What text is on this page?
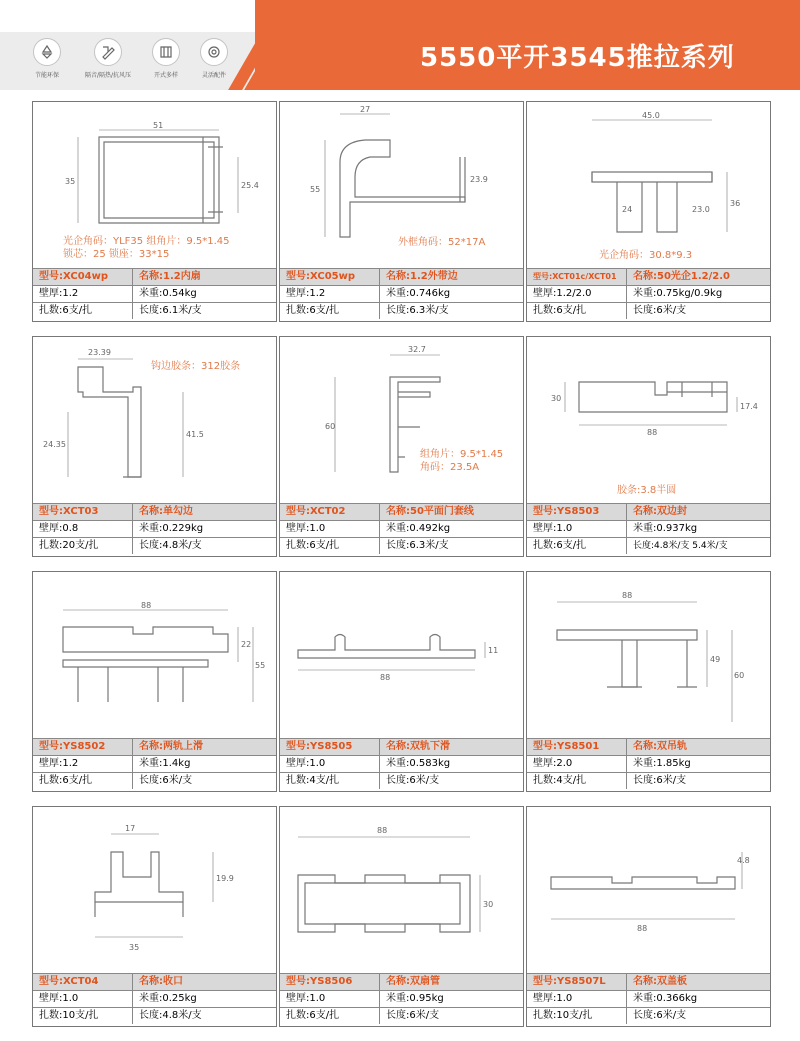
5550平开3545推拉系列
节能环保	隔音/隔热/抗风压	开式多样	灵活配件
51
35	25.4
光企角码：YLF35 组角片：9.5*1.45
锁芯：25 锁座：33*15
型号:XC04wp	名称:1.2内扇
壁厚:1.2	米重:0.54kg
扎数:6支/扎	长度:6.1米/支
27
55
23.9
外框角码：52*17A
型号:XC05wp	名称:1.2外带边
壁厚:1.2	米重:0.746kg
扎数:6支/扎	长度:6.3米/支
45.0
24	23.0
36
光企角码：30.8*9.3
型号:XCT01c/XCT01	名称:50光企1.2/2.0
壁厚:1.2/2.0	米重:0.75kg/0.9kg
扎数:6支/扎	长度:6米/支
23.39
24.35
41.5
钩边胶条：312胶条
型号:XCT03	名称:单勾边
壁厚:0.8	米重:0.229kg
扎数:20支/扎	长度:4.8米/支
32.7
60
组角片：9.5*1.45
角码：23.5A
型号:XCT02	名称:50平面门套线
壁厚:1.0	米重:0.492kg
扎数:6支/扎	长度:6.3米/支
30
17.4
88
胶条:3.8半圆
型号:YS8503	名称:双边封
壁厚:1.0	米重:0.937kg
扎数:6支/扎	长度:4.8米/支 5.4米/支
88
22
55
型号:YS8502	名称:两轨上滑
壁厚:1.2	米重:1.4kg
扎数:6支/扎	长度:6米/支
11
88
型号:YS8505	名称:双轨下滑
壁厚:1.0	米重:0.583kg
扎数:4支/扎	长度:6米/支
88
49
60
型号:YS8501	名称:双吊轨
壁厚:2.0	米重:1.85kg
扎数:4支/扎	长度:6米/支
17
19.9
35
型号:XCT04	名称:收口
壁厚:1.0	米重:0.25kg
扎数:10支/扎	长度:4.8米/支
88
30
型号:YS8506	名称:双扇管
壁厚:1.0	米重:0.95kg
扎数:6支/扎	长度:6米/支
4.8
88
型号:YS8507L	名称:双盖板
壁厚:1.0	米重:0.366kg
扎数:10支/扎	长度:6米/支
